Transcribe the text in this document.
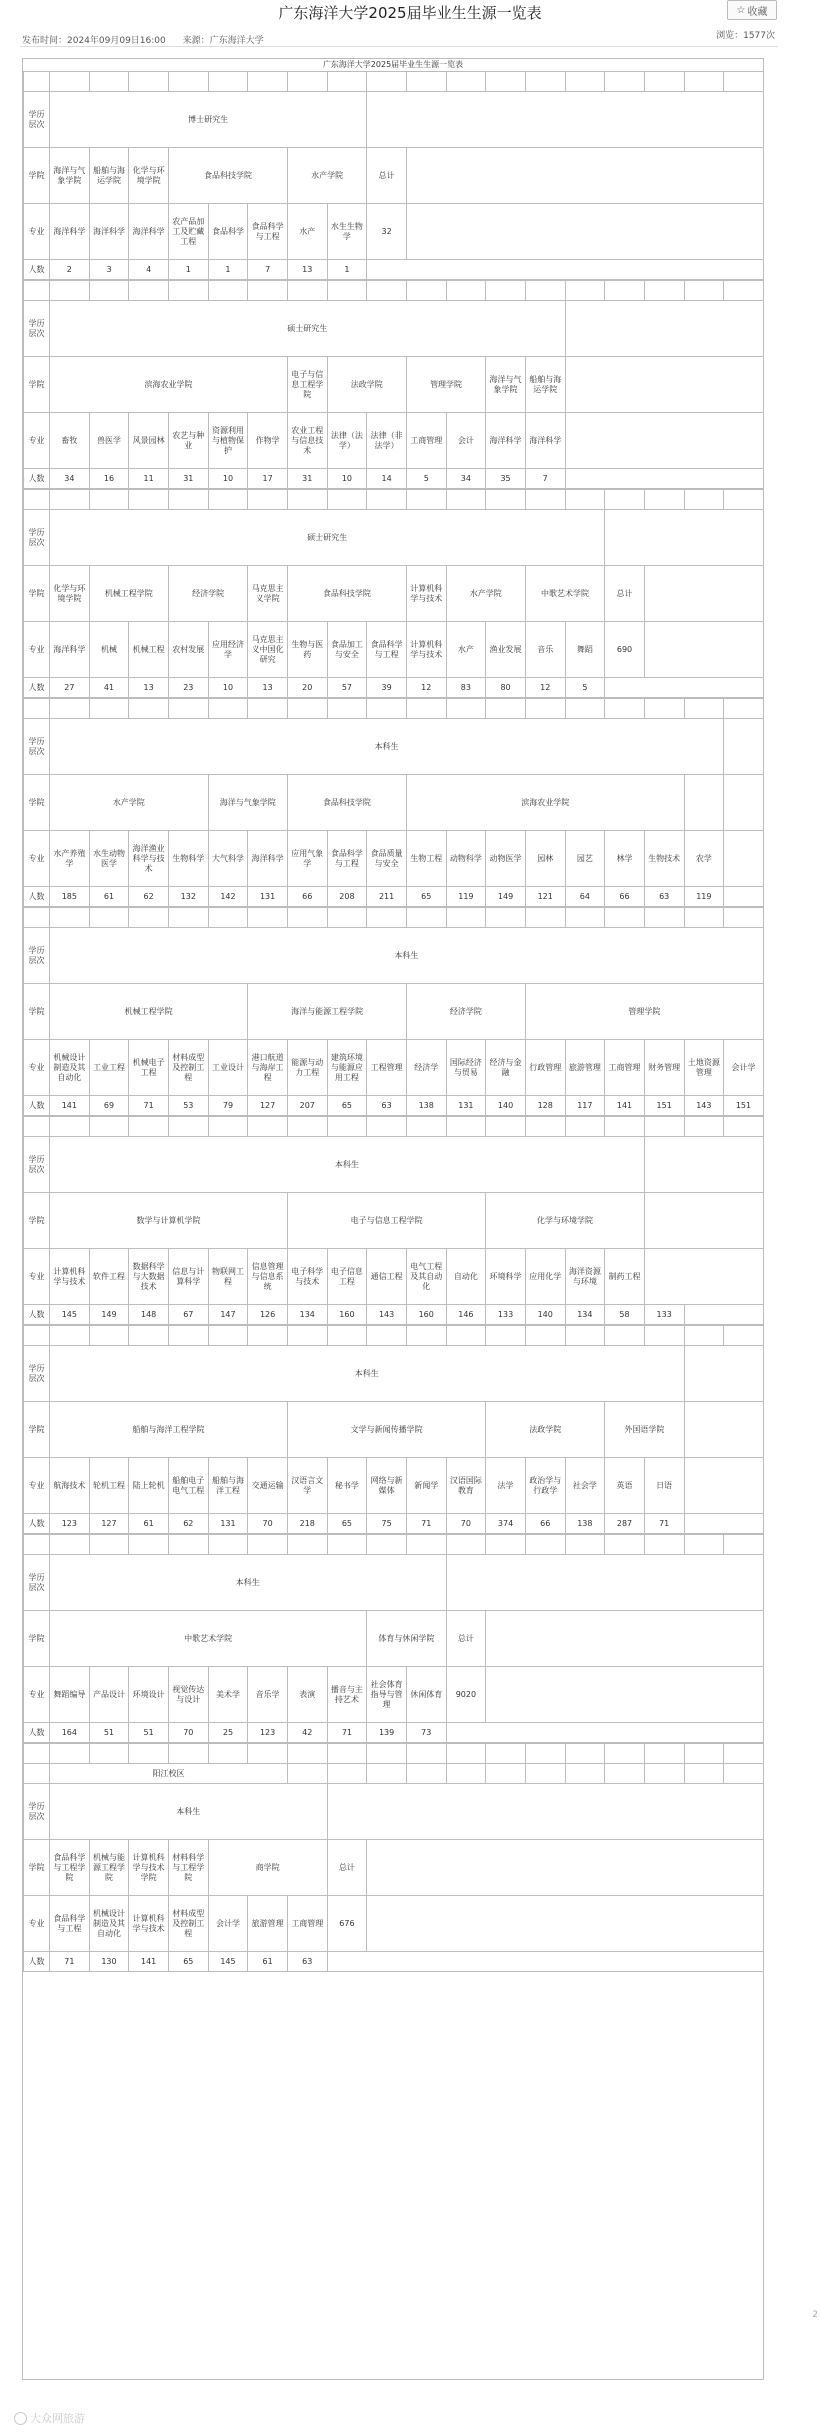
广东海洋大学2025届毕业生生源一览表	☆ 收藏
发布时间：2024年09月09日16:00 来源：广东海洋大学	浏览：1577次
广东海洋大学2025届毕业生生源一览表

学历层次	博士研究生																	
学院	海洋与气象学院	船舶与海运学院	化学与环境学院	食品科技学院			水产学院		总计									
专业	海洋科学	海洋科学	海洋科学	农产品加工及贮藏工程	食品科学	食品科学与工程	水产	水生生物学	32									
人数	2	3	4	1	1	7	13	1										

学历层次	硕士研究生																	
学院	滨海农业学院						电子与信息工程学院	法政学院		管理学院		海洋与气象学院	船舶与海运学院					
专业	畜牧	兽医学	风景园林	农艺与种业	资源利用与植物保护	作物学	农业工程与信息技术	法律（法学）	法律（非法学）	工商管理	会计	海洋科学	海洋科学					
人数	34	16	11	31	10	17	31	10	14	5	34	35	7					

学历层次	硕士研究生																	
学院	化学与环境学院	机械工程学院		经济学院		马克思主义学院	食品科技学院			计算机科学与技术	水产学院		中歌艺术学院		总计			
专业	海洋科学	机械	机械工程	农村发展	应用经济学	马克思主义中国化研究	生物与医药	食品加工与安全	食品科学与工程	计算机科学与技术	水产	渔业发展	音乐	舞蹈	690			
人数	27	41	13	23	10	13	20	57	39	12	83	80	12	5				

学历层次	本科生																	
学院	水产学院				海洋与气象学院		食品科技学院			滨海农业学院								
专业	水产养殖学	水生动物医学	海洋渔业科学与技术	生物科学	大气科学	海洋科学	应用气象学	食品科学与工程	食品质量与安全	生物工程	动物科学	动物医学	园林	园艺	林学	生物技术	农学	
人数	185	61	62	132	142	131	66	208	211	65	119	149	121	64	66	63	119	

学历层次	本科生																	
学院	机械工程学院					海洋与能源工程学院				经济学院			管理学院					
专业	机械设计制造及其自动化	工业工程	机械电子工程	材料成型及控制工程	工业设计	港口航道与海岸工程	能源与动力工程	建筑环境与能源应用工程	工程管理	经济学	国际经济与贸易	经济与金融	行政管理	旅游管理	工商管理	财务管理	土地资源管理	会计学
人数	141	69	71	53	79	127	207	65	63	138	131	140	128	117	141	151	143	151

学历层次	本科生																	
学院	数学与计算机学院						电子与信息工程学院					化学与环境学院						
专业	计算机科学与技术	软件工程	数据科学与大数据技术	信息与计算科学	物联网工程	信息管理与信息系统	电子科学与技术	电子信息工程	通信工程	电气工程及其自动化	自动化	环境科学	应用化学	海洋资源与环境	制药工程			
人数	145	149	148	67	147	126	134	160	143	160	146	133	140	134	58	133		

学历层次	本科生																	
学院	船舶与海洋工程学院						文学与新闻传播学院					法政学院			外国语学院			
专业	航海技术	轮机工程	陆上轮机	船舶电子电气工程	船舶与海洋工程	交通运输	汉语言文学	秘书学	网络与新媒体	新闻学	汉语国际教育	法学	政治学与行政学	社会学	英语	日语		
人数	123	127	61	62	131	70	218	65	75	71	70	374	66	138	287	71		

学历层次	本科生																	
学院	中歌艺术学院								体育与休闲学院		总计							
专业	舞蹈编导	产品设计	环境设计	视觉传达与设计	美术学	音乐学	表演	播音与主持艺术	社会体育指导与管理	休闲体育	9020							
人数	164	51	51	70	25	123	42	71	139	73								

	阳江校区																	
学历层次	本科生																	
学院	食品科学与工程学院	机械与能源工程学院	计算机科学与技术学院	材料科学与工程学院	商学院			总计										
专业	食品科学与工程	机械设计制造及其自动化	计算机科学与技术	材料成型及控制工程	会计学	旅游管理	工商管理	676										
人数	71	130	141	65	145	61	63											
2
大众网旅游
